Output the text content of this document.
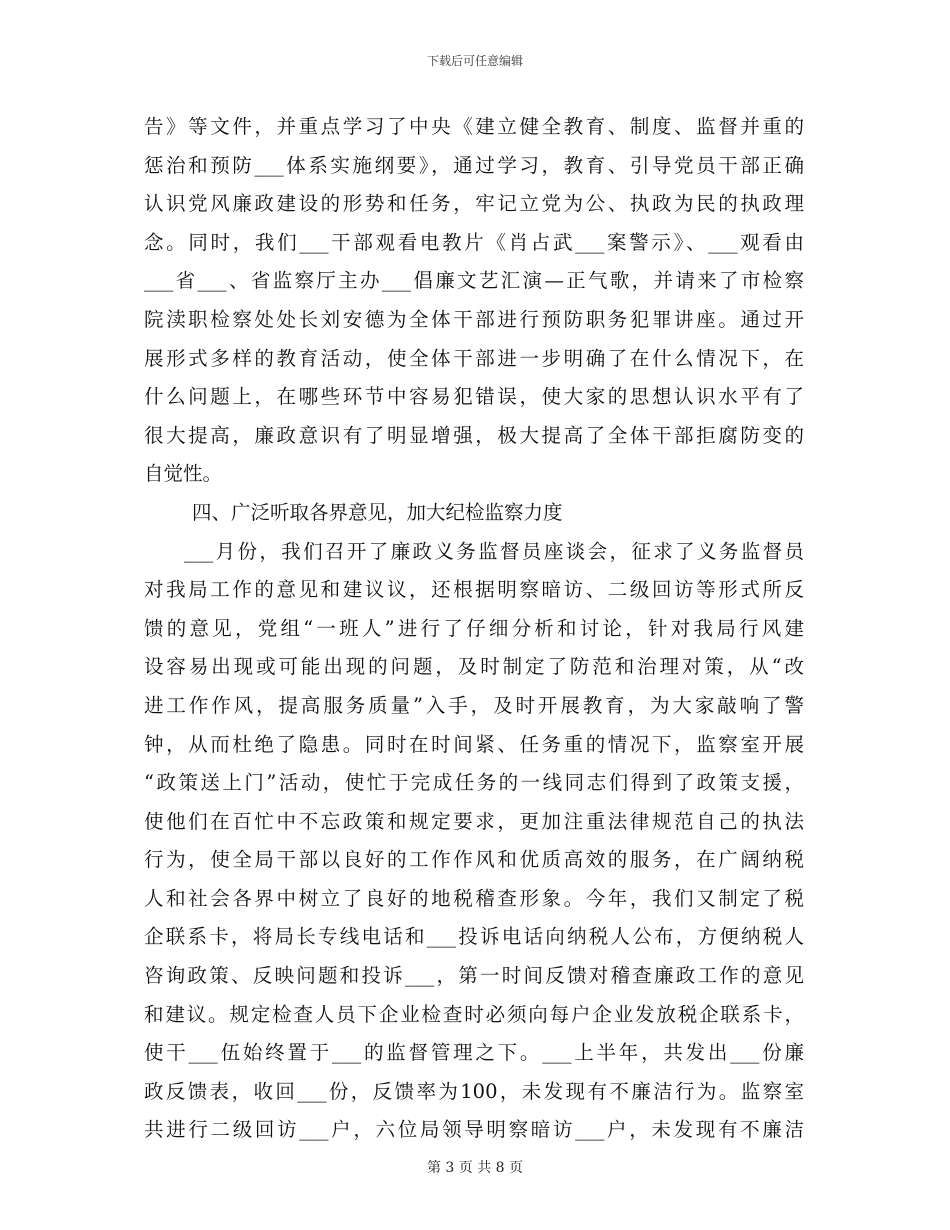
下载后可任意编辑
告》等文件，并重点学习了中央《建立健全教育、制度、监督并重的
惩治和预防___体系实施纲要》，通过学习，教育、引导党员干部正确
认识党风廉政建设的形势和任务，牢记立党为公、执政为民的执政理
念。同时，我们___干部观看电教片《肖占武___案警示》、___观看由
___省___、省监察厅主办___倡廉文艺汇演—正气歌，并请来了市检察
院渎职检察处处长刘安德为全体干部进行预防职务犯罪讲座。通过开
展形式多样的教育活动，使全体干部进一步明确了在什么情况下，在
什么问题上，在哪些环节中容易犯错误，使大家的思想认识水平有了
很大提高，廉政意识有了明显增强，极大提高了全体干部拒腐防变的
自觉性。
四、广泛听取各界意见，加大纪检监察力度
___月份，我们召开了廉政义务监督员座谈会，征求了义务监督员
对我局工作的意见和建议议，还根据明察暗访、二级回访等形式所反
馈的意见，党组“一班人”进行了仔细分析和讨论，针对我局行风建
设容易出现或可能出现的问题，及时制定了防范和治理对策，从“改
进工作作风，提高服务质量”入手，及时开展教育，为大家敲响了警
钟，从而杜绝了隐患。同时在时间紧、任务重的情况下，监察室开展
“政策送上门”活动，使忙于完成任务的一线同志们得到了政策支援，
使他们在百忙中不忘政策和规定要求，更加注重法律规范自己的执法
行为，使全局干部以良好的工作作风和优质高效的服务，在广阔纳税
人和社会各界中树立了良好的地税稽查形象。今年，我们又制定了税
企联系卡，将局长专线电话和___投诉电话向纳税人公布，方便纳税人
咨询政策、反映问题和投诉___，第一时间反馈对稽查廉政工作的意见
和建议。规定检查人员下企业检查时必须向每户企业发放税企联系卡，
使干___伍始终置于___的监督管理之下。___上半年，共发出___份廉
政反馈表，收回___份，反馈率为100，未发现有不廉洁行为。监察室
共进行二级回访___户，六位局领导明察暗访___户，未发现有不廉洁
第 3 页 共 8 页
